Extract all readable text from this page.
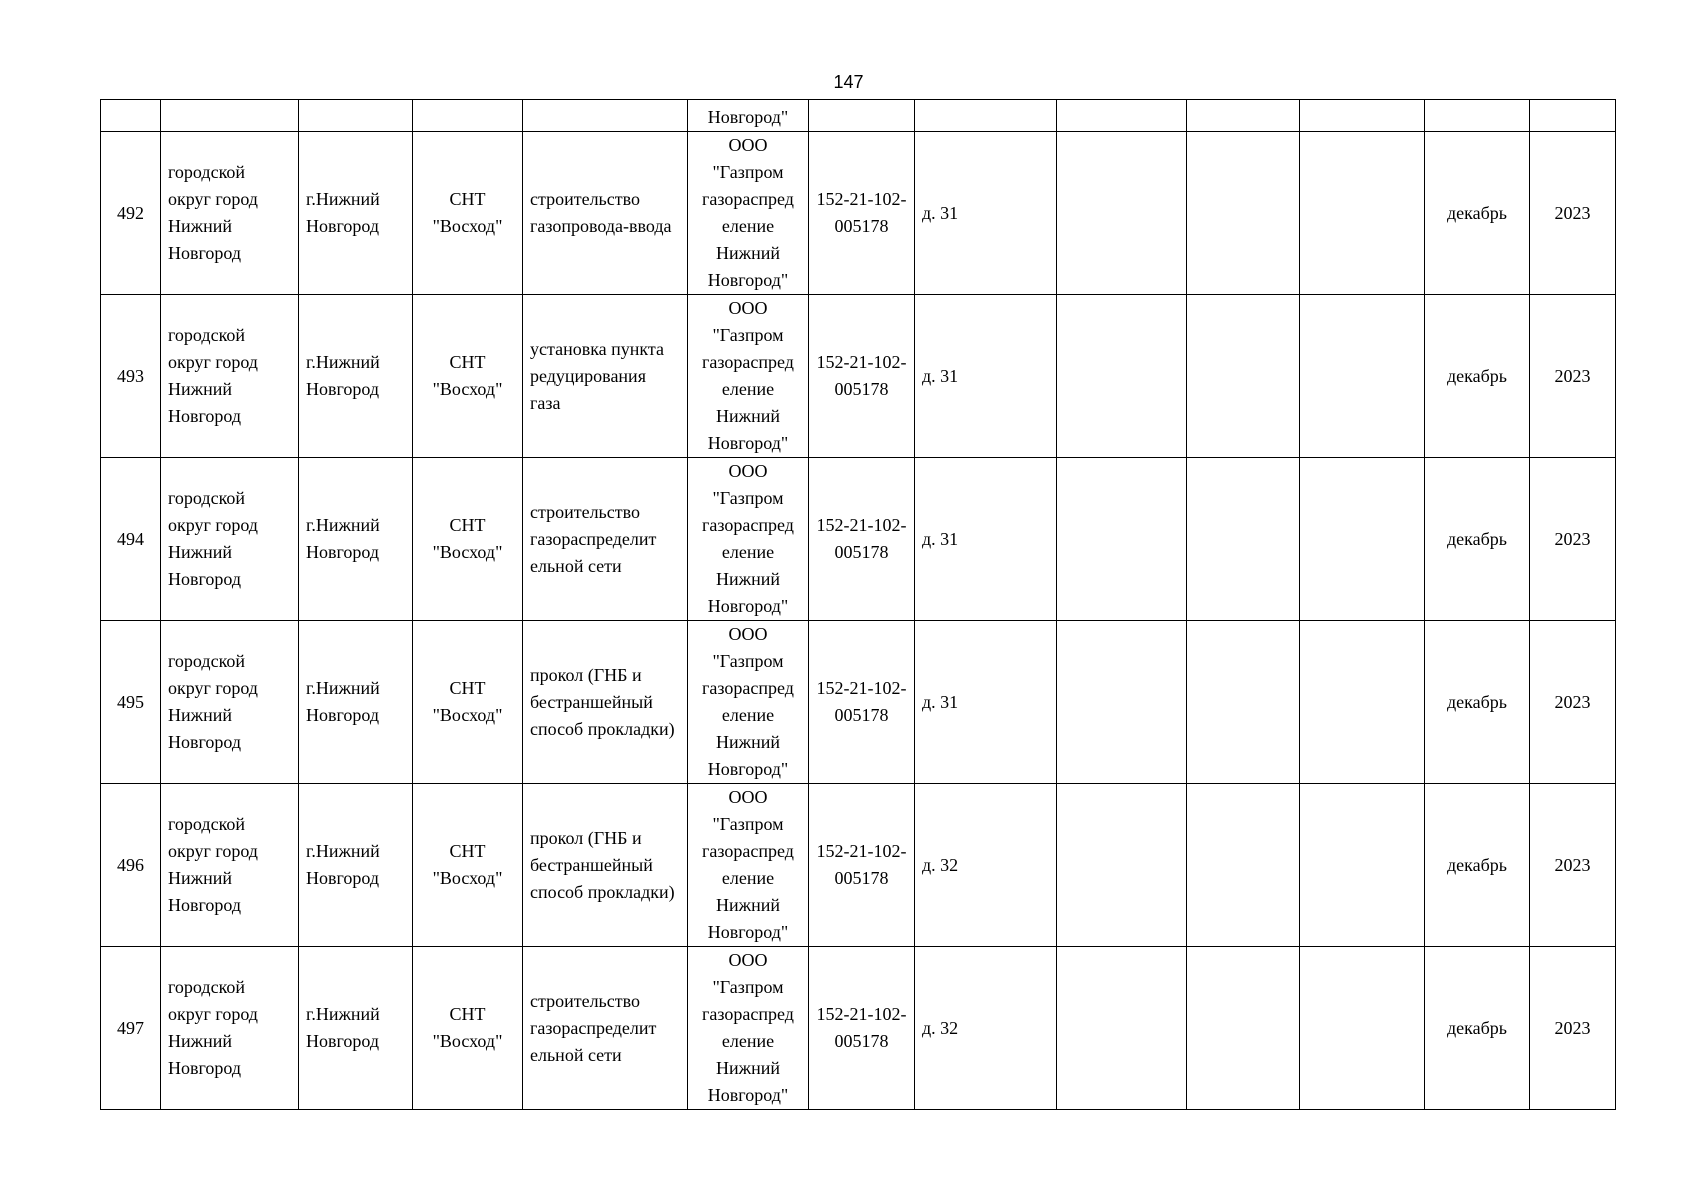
147
					Новгород"							
492	городской округ город Нижний Новгород	г.Нижний Новгород	СНТ "Восход"	строительство газопровода-ввода	ООО "Газпром газораспред еление Нижний Новгород"	152-21-102-005178	д. 31				декабрь	2023
493	городской округ город Нижний Новгород	г.Нижний Новгород	СНТ "Восход"	установка пункта редуцирования газа	ООО "Газпром газораспред еление Нижний Новгород"	152-21-102-005178	д. 31				декабрь	2023
494	городской округ город Нижний Новгород	г.Нижний Новгород	СНТ "Восход"	строительство газораспределит ельной сети	ООО "Газпром газораспред еление Нижний Новгород"	152-21-102-005178	д. 31				декабрь	2023
495	городской округ город Нижний Новгород	г.Нижний Новгород	СНТ "Восход"	прокол (ГНБ и бестраншейный способ прокладки)	ООО "Газпром газораспред еление Нижний Новгород"	152-21-102-005178	д. 31				декабрь	2023
496	городской округ город Нижний Новгород	г.Нижний Новгород	СНТ "Восход"	прокол (ГНБ и бестраншейный способ прокладки)	ООО "Газпром газораспред еление Нижний Новгород"	152-21-102-005178	д. 32				декабрь	2023
497	городской округ город Нижний Новгород	г.Нижний Новгород	СНТ "Восход"	строительство газораспределит ельной сети	ООО "Газпром газораспред еление Нижний Новгород"	152-21-102-005178	д. 32				декабрь	2023
